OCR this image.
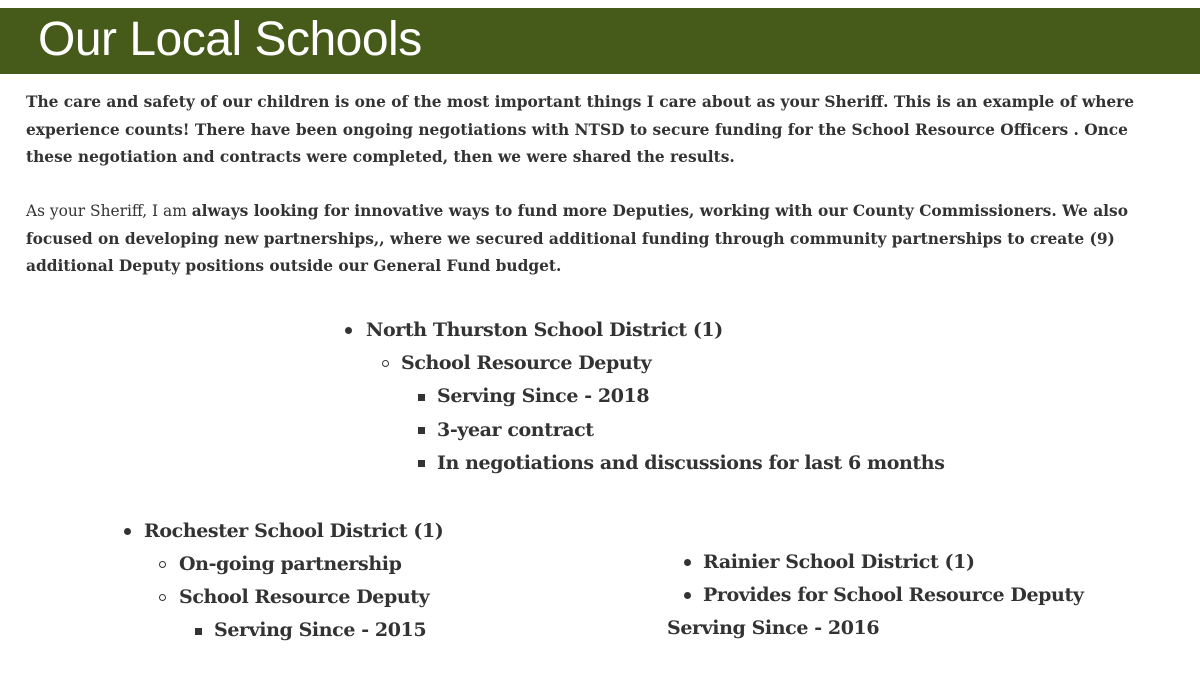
Our Local Schools

The care and safety of our children is one of the most important things I care about as your Sheriff. This is an example of where experience counts! There have been ongoing negotiations with NTSD to secure funding for the School Resource Officers . Once these negotiation and contracts were completed, then we were shared the results.

As your Sheriff, I am always looking for innovative ways to fund more Deputies, working with our County Commissioners. We also focused on developing new partnerships,, where we secured additional funding through community partnerships to create (9) additional Deputy positions outside our General Fund budget.

North Thurston School District (1)
School Resource Deputy
Serving Since - 2018
3-year contract
In negotiations and discussions for last 6 months
Rochester School District (1)
On-going partnership
School Resource Deputy
Serving Since - 2015
Rainier School District (1)
Provides for School Resource Deputy
Serving Since - 2016
